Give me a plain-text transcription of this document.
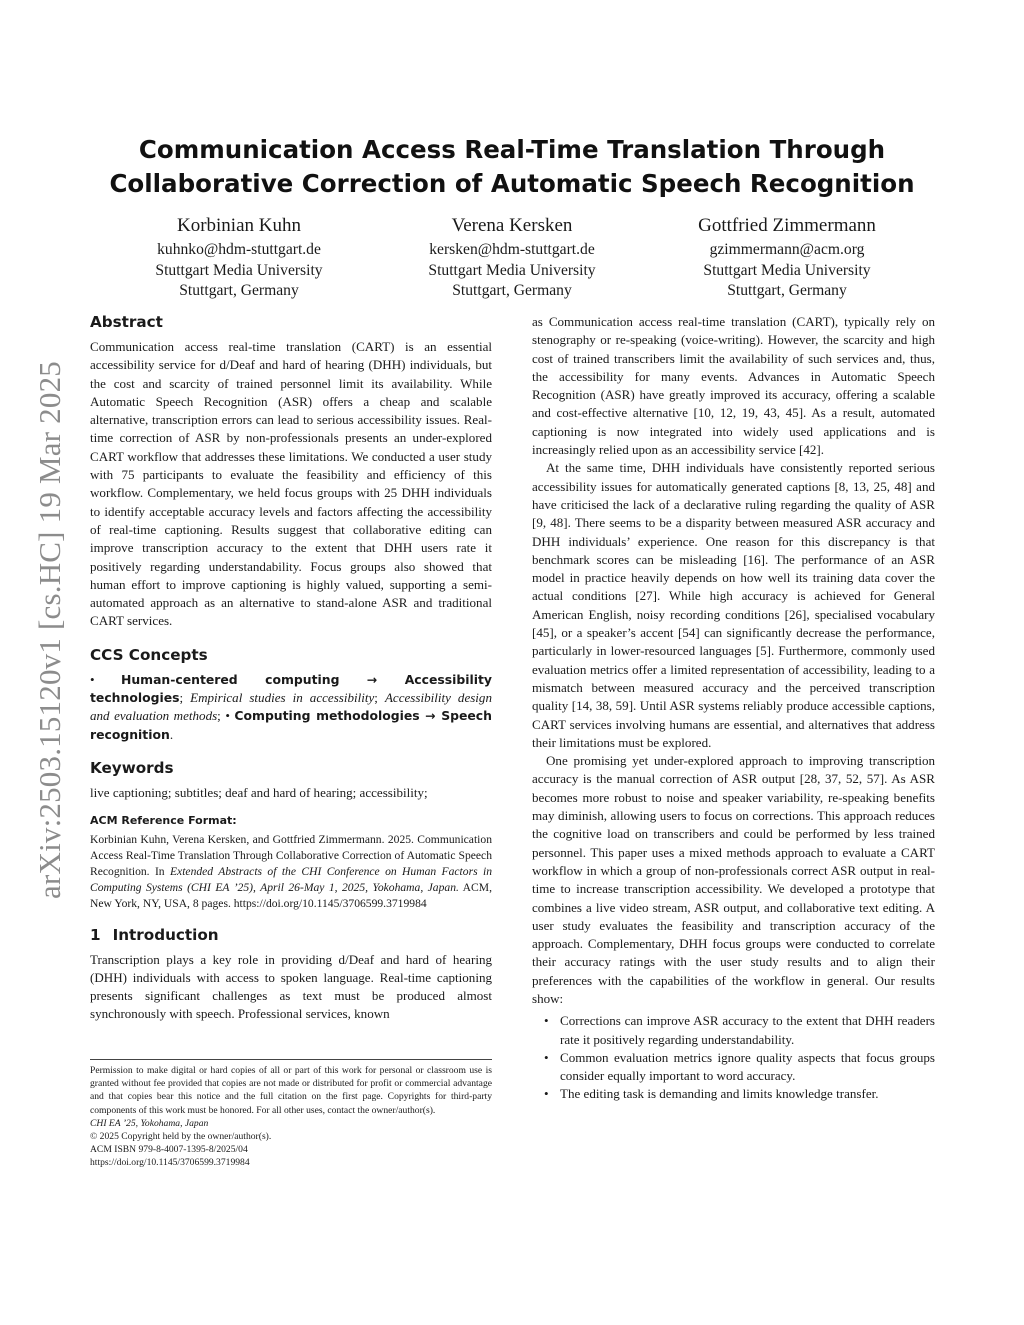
arXiv:2503.15120v1 [cs.HC] 19 Mar 2025
Communication Access Real-Time Translation Through
Collaborative Correction of Automatic Speech Recognition
Korbinian Kuhn
kuhnko@hdm-stuttgart.de
Stuttgart Media University
Stuttgart, Germany
Verena Kersken
kersken@hdm-stuttgart.de
Stuttgart Media University
Stuttgart, Germany
Gottfried Zimmermann
gzimmermann@acm.org
Stuttgart Media University
Stuttgart, Germany
Abstract

Communication access real-time translation (CART) is an essential accessibility service for d/Deaf and hard of hearing (DHH) individuals, but the cost and scarcity of trained personnel limit its availability. While Automatic Speech Recognition (ASR) offers a cheap and scalable alternative, transcription errors can lead to serious accessibility issues. Real-time correction of ASR by non-professionals presents an under-explored CART workflow that addresses these limitations. We conducted a user study with 75 participants to evaluate the feasibility and efficiency of this workflow. Complementary, we held focus groups with 25 DHH individuals to identify acceptable accuracy levels and factors affecting the accessibility of real-time captioning. Results suggest that collaborative editing can improve transcription accuracy to the extent that DHH users rate it positively regarding understandability. Focus groups also showed that human effort to improve captioning is highly valued, supporting a semi-automated approach as an alternative to stand-alone ASR and traditional CART services.

CCS Concepts

• Human-centered computing → Accessibility technologies; Empirical studies in accessibility; Accessibility design and evaluation methods; • Computing methodologies → Speech recognition.

Keywords

live captioning; subtitles; deaf and hard of hearing; accessibility;

ACM Reference Format:

Korbinian Kuhn, Verena Kersken, and Gottfried Zimmermann. 2025. Communication Access Real-Time Translation Through Collaborative Correction of Automatic Speech Recognition. In Extended Abstracts of the CHI Conference on Human Factors in Computing Systems (CHI EA ’25), April 26-May 1, 2025, Yokohama, Japan. ACM, New York, NY, USA, 8 pages. https://doi.org/10.1145/3706599.3719984

1 Introduction

Transcription plays a key role in providing d/Deaf and hard of hearing (DHH) individuals with access to spoken language. Real-time captioning presents significant challenges as text must be produced almost synchronously with speech. Professional services, known

Permission to make digital or hard copies of all or part of this work for personal or classroom use is granted without fee provided that copies are not made or distributed for profit or commercial advantage and that copies bear this notice and the full citation on the first page. Copyrights for third-party components of this work must be honored. For all other uses, contact the owner/author(s).

CHI EA ’25, Yokohama, Japan

© 2025 Copyright held by the owner/author(s).

ACM ISBN 979-8-4007-1395-8/2025/04

https://doi.org/10.1145/3706599.3719984

as Communication access real-time translation (CART), typically rely on stenography or re-speaking (voice-writing). However, the scarcity and high cost of trained transcribers limit the availability of such services and, thus, the accessibility for many events. Advances in Automatic Speech Recognition (ASR) have greatly improved its accuracy, offering a scalable and cost-effective alternative [10, 12, 19, 43, 45]. As a result, automated captioning is now integrated into widely used applications and is increasingly relied upon as an accessibility service [42].

At the same time, DHH individuals have consistently reported serious accessibility issues for automatically generated captions [8, 13, 25, 48] and have criticised the lack of a declarative ruling regarding the quality of ASR [9, 48]. There seems to be a disparity between measured ASR accuracy and DHH individuals’ experience. One reason for this discrepancy is that benchmark scores can be misleading [16]. The performance of an ASR model in practice heavily depends on how well its training data cover the actual conditions [27]. While high accuracy is achieved for General American English, noisy recording conditions [26], specialised vocabulary [45], or a speaker’s accent [54] can significantly decrease the performance, particularly in lower-resourced languages [5]. Furthermore, commonly used evaluation metrics offer a limited representation of accessibility, leading to a mismatch between measured accuracy and the perceived transcription quality [14, 38, 59]. Until ASR systems reliably produce accessible captions, CART services involving humans are essential, and alternatives that address their limitations must be explored.

One promising yet under-explored approach to improving transcription accuracy is the manual correction of ASR output [28, 37, 52, 57]. As ASR becomes more robust to noise and speaker variability, re-speaking benefits may diminish, allowing users to focus on corrections. This approach reduces the cognitive load on transcribers and could be performed by less trained personnel. This paper uses a mixed methods approach to evaluate a CART workflow in which a group of non-professionals correct ASR output in real-time to increase transcription accessibility. We developed a prototype that combines a live video stream, ASR output, and collaborative text editing. A user study evaluates the feasibility and transcription accuracy of the approach. Complementary, DHH focus groups were conducted to correlate their accuracy ratings with the user study results and to align their preferences with the capabilities of the workflow in general. Our results show:

• Corrections can improve ASR accuracy to the extent that DHH readers rate it positively regarding understandability.
• Common evaluation metrics ignore quality aspects that focus groups consider equally important to word accuracy.
• The editing task is demanding and limits knowledge transfer.
